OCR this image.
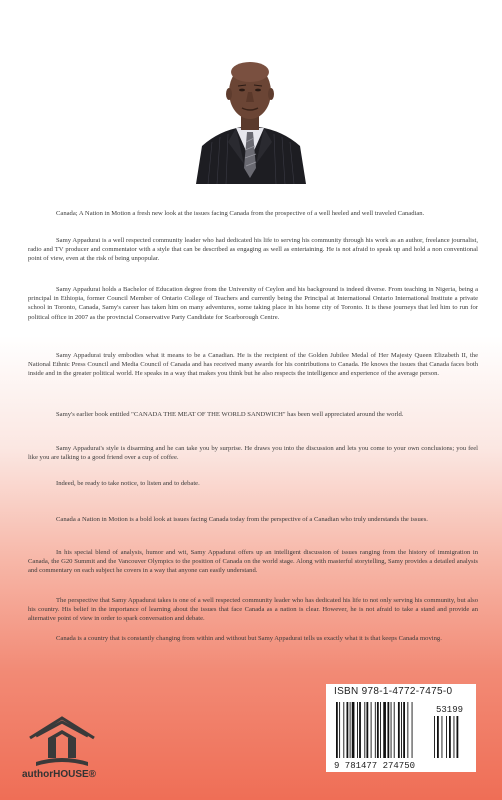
Canada; A Nation in Motion a fresh new look at the issues facing Canada from the prospective of a well heeled and well traveled Canadian.

Samy Appadurai is a well respected community leader who had dedicated his life to serving his community through his work as an author, freelance journalist, radio and TV producer and commentator with a style that can be described as engaging as well as entertaining. He is not afraid to speak up and hold a non conventional point of view, even at the risk of being unpopular.

Samy Appadurai holds a Bachelor of Education degree from the University of Ceylon and his background is indeed diverse. From teaching in Nigeria, being a principal in Ethiopia, former Council Member of Ontario College of Teachers and currently being the Principal at International Ontario International Institute a private school in Toronto, Canada, Samy's career has taken him on many adventures, some taking place in his home city of Toronto. It is these journeys that led him to run for political office in 2007 as the provincial Conservative Party Candidate for Scarborough Centre.

Samy Appadurai truly embodies what it means to be a Canadian. He is the recipient of the Golden Jubilee Medal of Her Majesty Queen Elizabeth II, the National Ethnic Press Council and Media Council of Canada and has received many awards for his contributions to Canada. He knows the issues that Canada faces both inside and in the greater political world. He speaks in a way that makes you think but he also respects the intelligence and experience of the average person.

Samy's earlier book entitled "CANADA THE MEAT OF THE WORLD SANDWICH" has been well appreciated around the world.

Samy Appadurai's style is disarming and he can take you by surprise. He draws you into the discussion and lets you come to your own conclusions; you feel like you are talking to a good friend over a cup of coffee.

Indeed, be ready to take notice, to listen and to debate.

Canada a Nation in Motion is a bold look at issues facing Canada today from the perspective of a Canadian who truly understands the issues.

In his special blend of analysis, humor and wit, Samy Appadurai offers up an intelligent discussion of issues ranging from the history of immigration in Canada, the G20 Summit and the Vancouver Olympics to the position of Canada on the world stage. Along with masterful storytelling, Samy provides a detailed analysis and commentary on each subject he covers in a way that anyone can easily understand.

The perspective that Samy Appadurai takes is one of a well respected community leader who has dedicated his life to not only serving his community, but also his country. His belief in the importance of learning about the issues that face Canada as a nation is clear. However, he is not afraid to take a stand and provide an alternative point of view in order to spark conversation and debate.

Canada is a country that is constantly changing from within and without but Samy Appadurai tells us exactly what it is that keeps Canada moving.

authorHOUSE®
ISBN 978-1-4772-7475-0
53199
9 781477 274750
